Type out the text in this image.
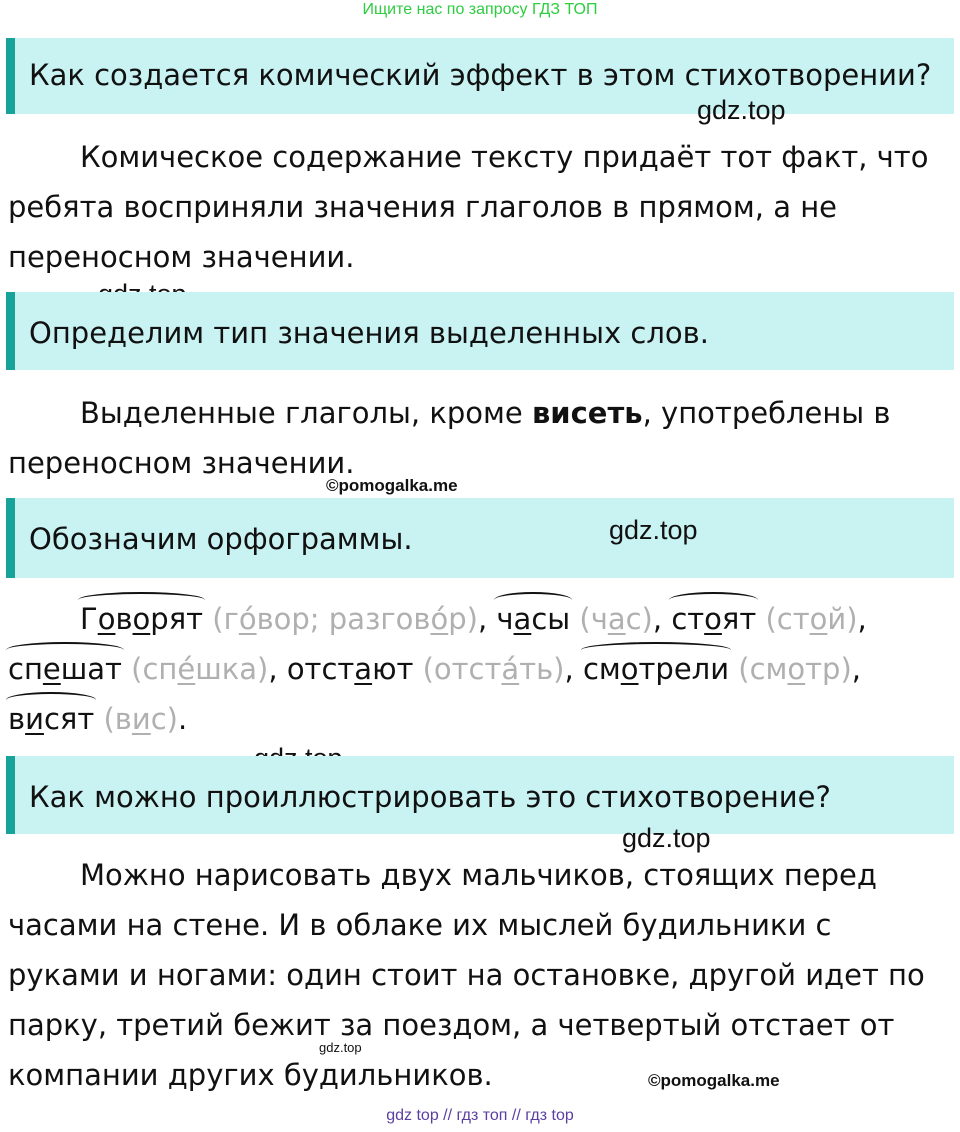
Ищите нас по запросу ГДЗ ТОП
Как создается комический эффект в этом стихотворении?
gdz.top
Комическое содержание тексту придаёт тот факт, что ребята восприняли значения глаголов в прямом, а не переносном значении.
Определим тип значения выделенных слов.
Выделенные глаголы, кроме висеть, употреблены в переносном значении.
©pomogalka.me
Обозначим орфограммы.	gdz.top
Говорят (го́вор; разгово́р), часы (час), стоят (стой), спешат (спе́шка), отстают (отста́ть), смотрели (смотр), висят (вис).
Как можно проиллюстрировать это стихотворение?
gdz.top
Можно нарисовать двух мальчиков, стоящих перед часами на стене. И в облаке их мыслей будильники с руками и ногами: один стоит на остановке, другой идет по парку, третий бежит за поездом, а четвертый отстает от компании других будильников.
gdz.top
©pomogalka.me
gdz top // гдз топ // гдз top
